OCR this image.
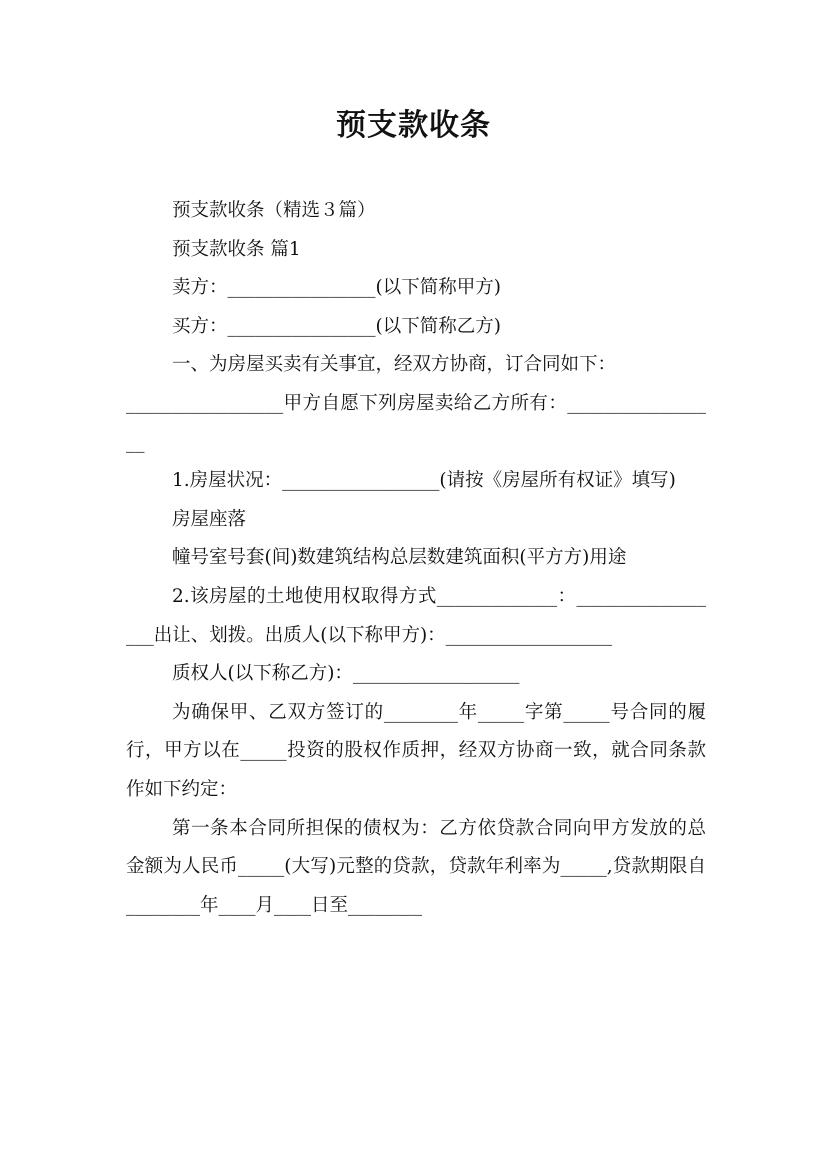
预支款收条

预支款收条（精选３篇）

预支款收条 篇1

卖方：________________(以下简称甲方)

买方：________________(以下简称乙方)

一、为房屋买卖有关事宜，经双方协商，订合同如下：

_________________甲方自愿下列房屋卖给乙方所有：_________________

1.房屋状况：_________________(请按《房屋所有权证》填写)

房屋座落

幢号室号套(间)数建筑结构总层数建筑面积(平方方)用途

2.该房屋的土地使用权取得方式_____________：_________________出让、划拨。出质人(以下称甲方)：__________________

质权人(以下称乙方)：__________________

为确保甲、乙双方签订的________年_____字第_____号合同的履行，甲方以在_____投资的股权作质押，经双方协商一致，就合同条款作如下约定：

第一条本合同所担保的债权为：乙方依贷款合同向甲方发放的总金额为人民币_____(大写)元整的贷款，贷款年利率为_____,贷款期限自________年____月____日至________
